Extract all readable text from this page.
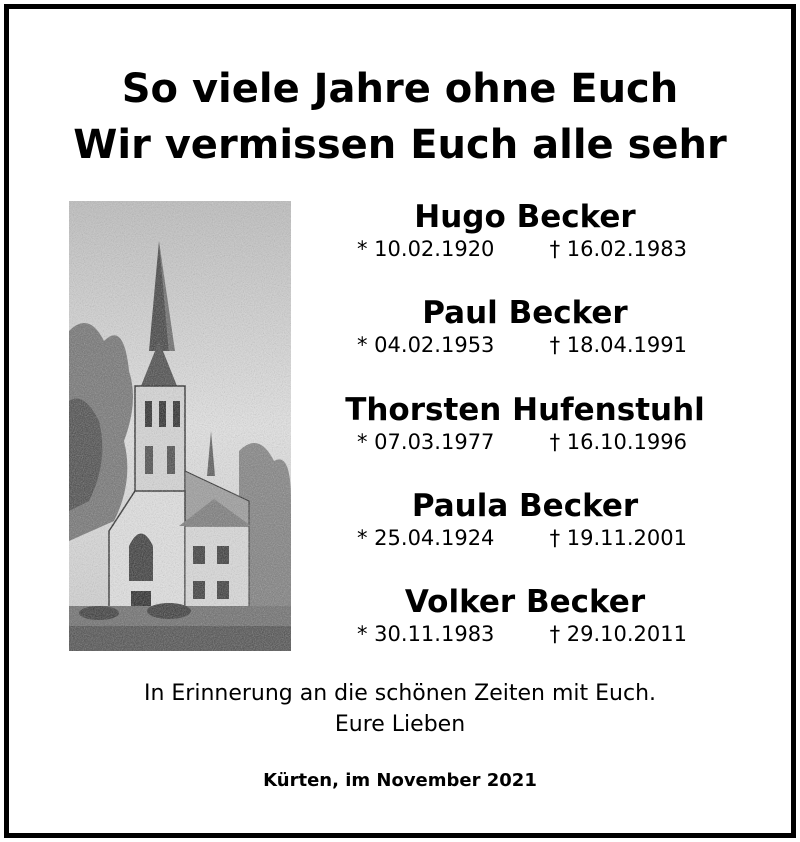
So viele Jahre ohne Euch
Wir vermissen Euch alle sehr
Hugo Becker
* 10.02.1920	† 16.02.1983
Paul Becker
* 04.02.1953	† 18.04.1991
Thorsten Hufenstuhl
* 07.03.1977	† 16.10.1996
Paula Becker
* 25.04.1924	† 19.11.2001
Volker Becker
* 30.11.1983	† 29.10.2011
In Erinnerung an die schönen Zeiten mit Euch.
Eure Lieben
Kürten, im November 2021
